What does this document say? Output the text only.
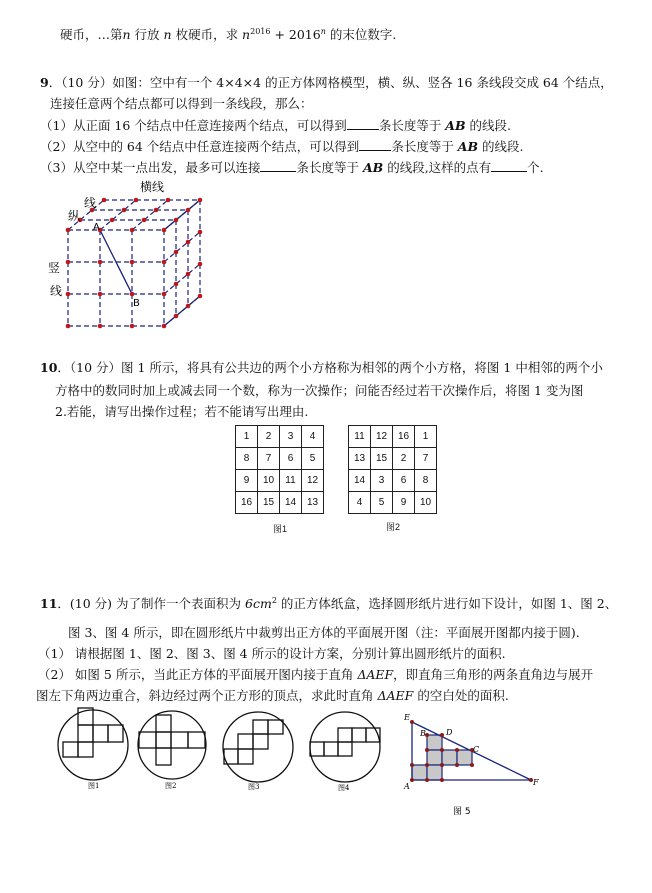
硬币，…第n 行放 n 枚硬币，求 $n^{2016} + 2016^n$ 的末位数字.
9．（10 分）如图：空中有一个 4×4×4 的正方体网格模型，横、纵、竖各 16 条线段交成 64 个结点，
连接任意两个结点都可以得到一条线段，那么：
（1）从正面 16 个结点中任意连接两个结点，可以得到	条长度等于 AB 的线段.
（2）从空中的 64 个结点中任意连接两个结点，可以得到	条长度等于 AB 的线段.
（3）从空中某一点出发，最多可以连接	条长度等于 AB 的线段,这样的点有	个.
横线
线
纵
竖
线
A
B
10．（10 分）图 1 所示，将具有公共边的两个小方格称为相邻的两个小方格，将图 1 中相邻的两个小
方格中的数同时加上或减去同一个数，称为一次操作；问能否经过若干次操作后，将图 1 变为图
2.若能，请写出操作过程；若不能请写出理由.
1	2	3	4
8	7	6	5
9	10	11	12
16	15	14	13
图1
11	12	16	1
13	15	2	7
14	3	6	8
4	5	9	10
图2
11．(10 分) 为了制作一个表面积为 $6cm^2$ 的正方体纸盒，选择圆形纸片进行如下设计，如图 1、图 2、
图 3、图 4 所示，即在圆形纸片中裁剪出正方体的平面展开图（注：平面展开图都内接于圆).
（1） 请根据图 1、图 2、图 3、图 4 所示的设计方案，分别计算出圆形纸片的面积.
（2） 如图 5 所示，当此正方体的平面展开图内接于直角 ΔAEF，即直角三角形的两条直角边与展开
图左下角两边重合，斜边经过两个正方形的顶点，求此时直角 ΔAEF 的空白处的面积.
图1	图2	图3	图4
E
B	D
C
A	F
图 5
